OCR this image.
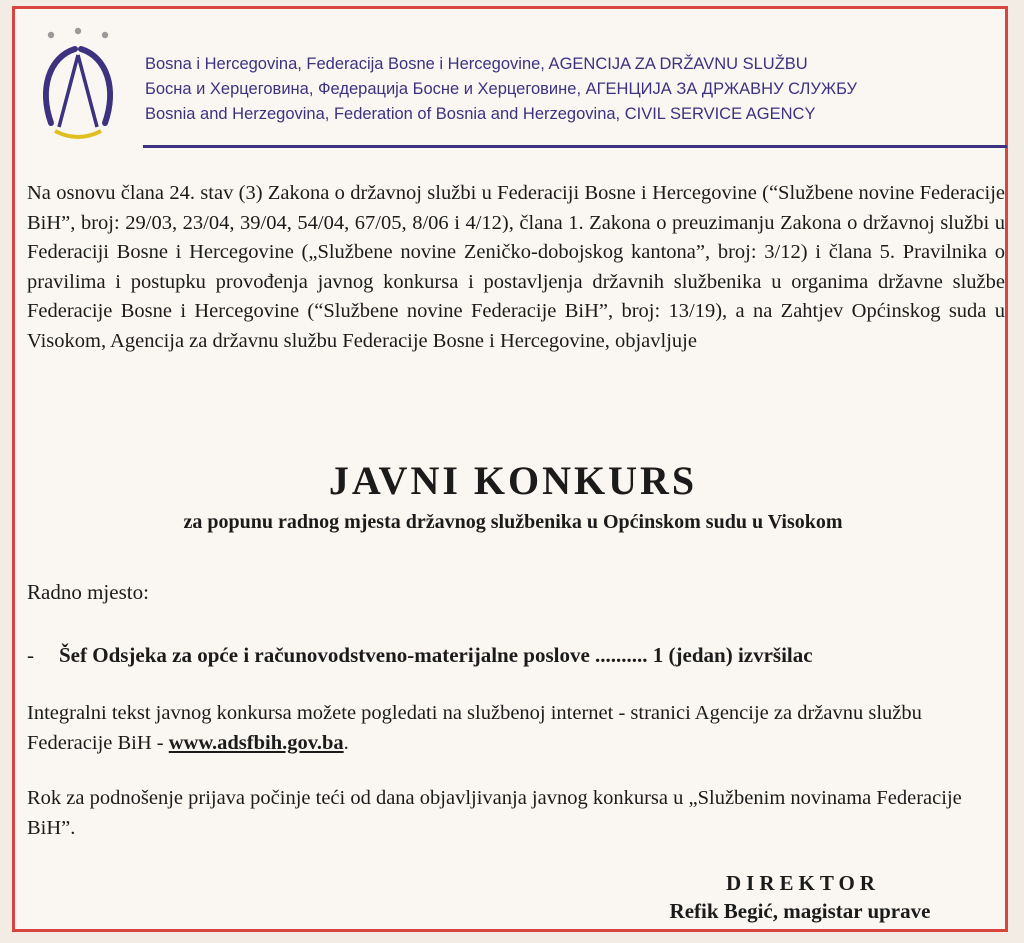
Bosna i Hercegovina, Federacija Bosne i Hercegovine, AGENCIJA ZA DRŽAVNU SLUŽBU
Босна и Херцеговина, Федерација Босне и Херцеговине, АГЕНЦИЈА ЗА ДРЖАВНУ СЛУЖБУ
Bosnia and Herzegovina, Federation of Bosnia and Herzegovina, CIVIL SERVICE AGENCY
Na osnovu člana 24. stav (3) Zakona o državnoj službi u Federaciji Bosne i Hercegovine (“Službene novine Federacije BiH”, broj: 29/03, 23/04, 39/04, 54/04, 67/05, 8/06 i 4/12), člana 1. Zakona o preuzimanju Zakona o državnoj službi u Federaciji Bosne i Hercegovine („Službene novine Zeničko-dobojskog kantona”, broj: 3/12) i člana 5. Pravilnika o pravilima i postupku provođenja javnog konkursa i postavljenja državnih službenika u organima državne službe Federacije Bosne i Hercegovine (“Službene novine Federacije BiH”, broj: 13/19), a na Zahtjev Općinskog suda u Visokom, Agencija za državnu službu Federacije Bosne i Hercegovine, objavljuje
JAVNI KONKURS
za popunu radnog mjesta državnog službenika u Općinskom sudu u Visokom
Radno mjesto:
- Šef Odsjeka za opće i računovodstveno-materijalne poslove .......... 1 (jedan) izvršilac
Integralni tekst javnog konkursa možete pogledati na službenoj internet - stranici Agencije za državnu službu Federacije BiH - www.adsfbih.gov.ba.
Rok za podnošenje prijava počinje teći od dana objavljivanja javnog konkursa u „Službenim novinama Federacije BiH”.
DIREKTOR
Refik Begić, magistar uprave
